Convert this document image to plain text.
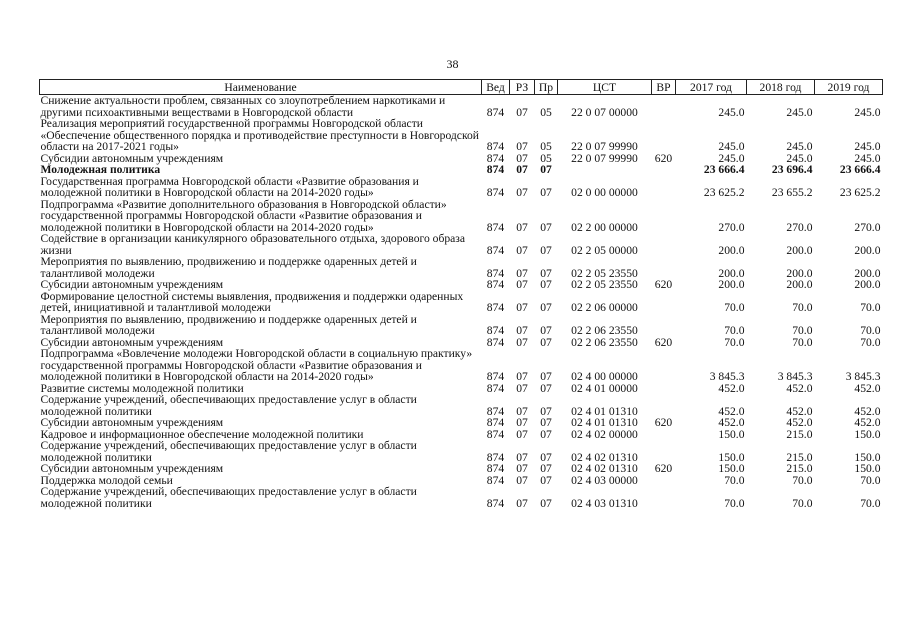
38
Наименование	Вед	РЗ	Пр	ЦСТ	ВР	2017 год	2018 год	2019 год
Снижение актуальности проблем, связанных со злоупотреблением наркотиками и другими психоактивными веществами в Новгородской области	874	07	05	22 0 07 00000		245.0	245.0	245.0
Реализация мероприятий государственной программы Новгородской области «Обеспечение общественного порядка и противодействие преступности в Новгородской области на 2017-2021 годы»	874	07	05	22 0 07 99990		245.0	245.0	245.0
Субсидии автономным учреждениям	874	07	05	22 0 07 99990	620	245.0	245.0	245.0
Молодежная политика	874	07	07			23 666.4	23 696.4	23 666.4
Государственная программа Новгородской области «Развитие образования и молодежной политики в Новгородской области на 2014-2020 годы»	874	07	07	02 0 00 00000		23 625.2	23 655.2	23 625.2
Подпрограмма «Развитие дополнительного образования в Новгородской области» государственной программы Новгородской области «Развитие образования и молодежной политики в Новгородской области на 2014-2020 годы»	874	07	07	02 2 00 00000		270.0	270.0	270.0
Содействие в организации каникулярного образовательного отдыха, здорового образа жизни	874	07	07	02 2 05 00000		200.0	200.0	200.0
Мероприятия по выявлению, продвижению и поддержке одаренных детей и талантливой молодежи	874	07	07	02 2 05 23550		200.0	200.0	200.0
Субсидии автономным учреждениям	874	07	07	02 2 05 23550	620	200.0	200.0	200.0
Формирование целостной системы выявления, продвижения и поддержки одаренных детей, инициативной и талантливой молодежи	874	07	07	02 2 06 00000		70.0	70.0	70.0
Мероприятия по выявлению, продвижению и поддержке одаренных детей и талантливой молодежи	874	07	07	02 2 06 23550		70.0	70.0	70.0
Субсидии автономным учреждениям	874	07	07	02 2 06 23550	620	70.0	70.0	70.0
Подпрограмма «Вовлечение молодежи Новгородской области в социальную практику» государственной программы Новгородской области «Развитие образования и молодежной политики в Новгородской области на 2014-2020 годы»	874	07	07	02 4 00 00000		3 845.3	3 845.3	3 845.3
Развитие системы молодежной политики	874	07	07	02 4 01 00000		452.0	452.0	452.0
Содержание учреждений, обеспечивающих предоставление услуг в области молодежной политики	874	07	07	02 4 01 01310		452.0	452.0	452.0
Субсидии автономным учреждениям	874	07	07	02 4 01 01310	620	452.0	452.0	452.0
Кадровое и информационное обеспечение молодежной политики	874	07	07	02 4 02 00000		150.0	215.0	150.0
Содержание учреждений, обеспечивающих предоставление услуг в области молодежной политики	874	07	07	02 4 02 01310		150.0	215.0	150.0
Субсидии автономным учреждениям	874	07	07	02 4 02 01310	620	150.0	215.0	150.0
Поддержка молодой семьи	874	07	07	02 4 03 00000		70.0	70.0	70.0
Содержание учреждений, обеспечивающих предоставление услуг в области молодежной политики	874	07	07	02 4 03 01310		70.0	70.0	70.0
